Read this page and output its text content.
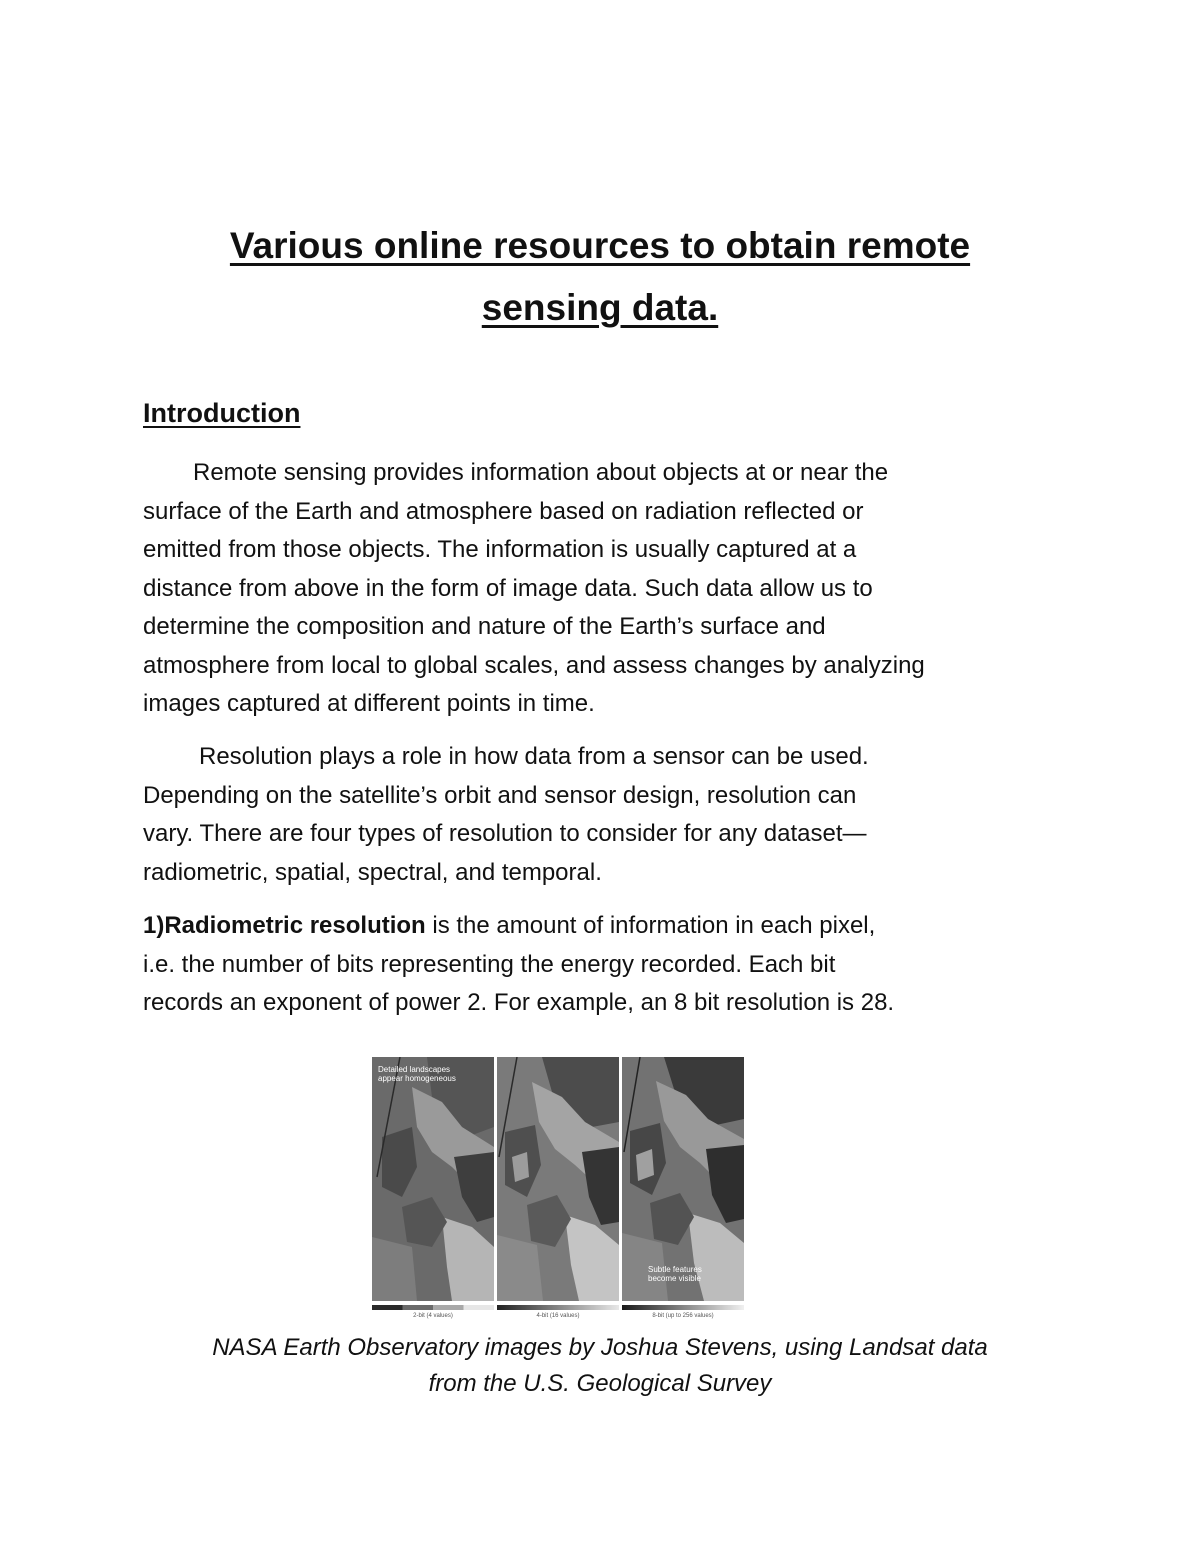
Various online resources to obtain remote
sensing data.
Introduction

Remote sensing provides information about objects at or near the
surface of the Earth and atmosphere based on radiation reflected or
emitted from those objects. The information is usually captured at a
distance from above in the form of image data. Such data allow us to
determine the composition and nature of the Earth’s surface and
atmosphere from local to global scales, and assess changes by analyzing
images captured at different points in time.

Resolution plays a role in how data from a sensor can be used.
Depending on the satellite’s orbit and sensor design, resolution can
vary. There are four types of resolution to consider for any dataset—
radiometric, spatial, spectral, and temporal.

1)Radiometric resolution is the amount of information in each pixel,
i.e. the number of bits representing the energy recorded. Each bit
records an exponent of power 2. For example, an 8 bit resolution is 28.

Detailed landscapes
appear homogeneous
Subtle features
become visible
2-bit (4 values)	4-bit (16 values)	8-bit (up to 256 values)

NASA Earth Observatory images by Joshua Stevens, using Landsat data
from the U.S. Geological Survey
